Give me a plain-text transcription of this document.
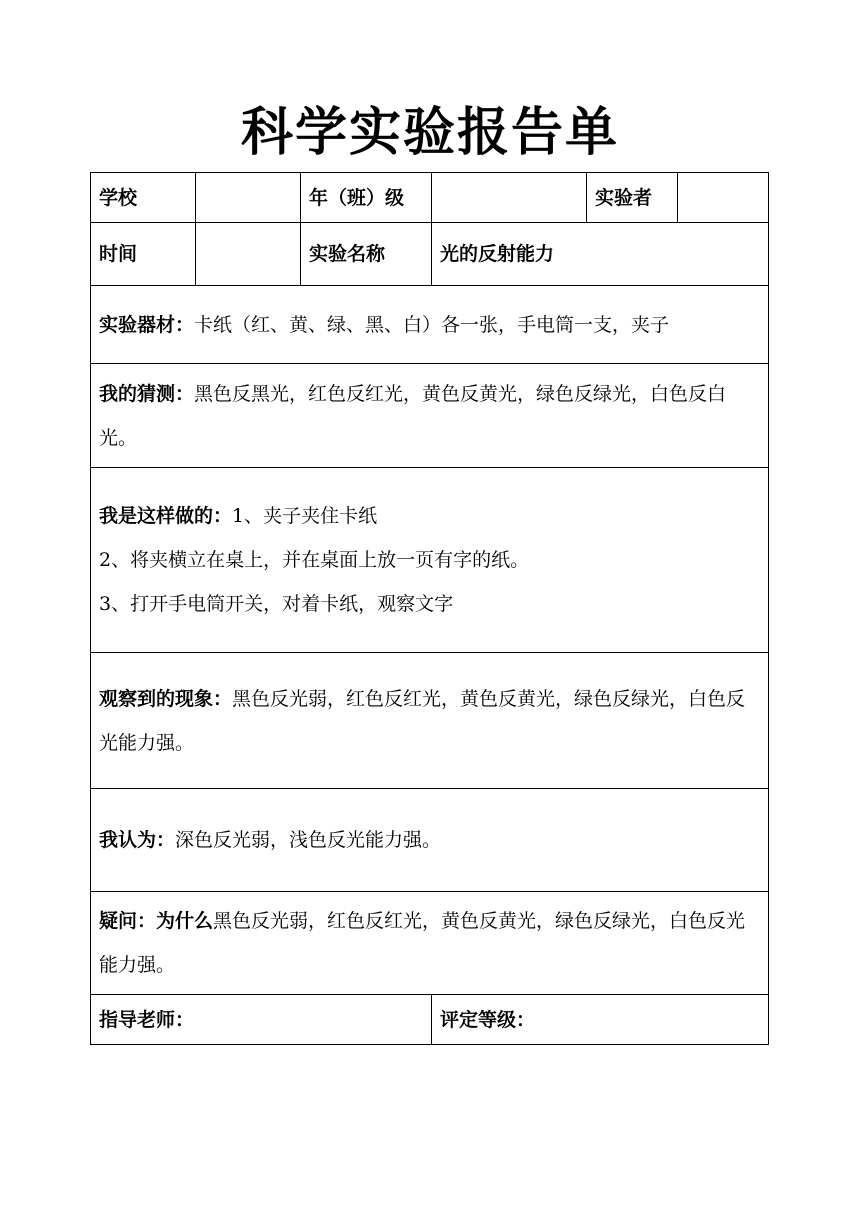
科学实验报告单
学校		年（班）级		实验者	
时间		实验名称	光的反射能力		
实验器材：卡纸（红、黄、绿、黑、白）各一张，手电筒一支，夹子					
我的猜测：黑色反黑光，红色反红光，黄色反黄光，绿色反绿光，白色反白光。					

我是这样做的：1、夹子夹住卡纸
2、将夹横立在桌上，并在桌面上放一页有字的纸。
3、打开手电筒开关，对着卡纸，观察文字					

观察到的现象：黑色反光弱，红色反红光，黄色反黄光，绿色反绿光，白色反光能力强。					
我认为：深色反光弱，浅色反光能力强。					
疑问：为什么黑色反光弱，红色反红光，黄色反黄光，绿色反绿光，白色反光能力强。					
指导老师：			评定等级：		
